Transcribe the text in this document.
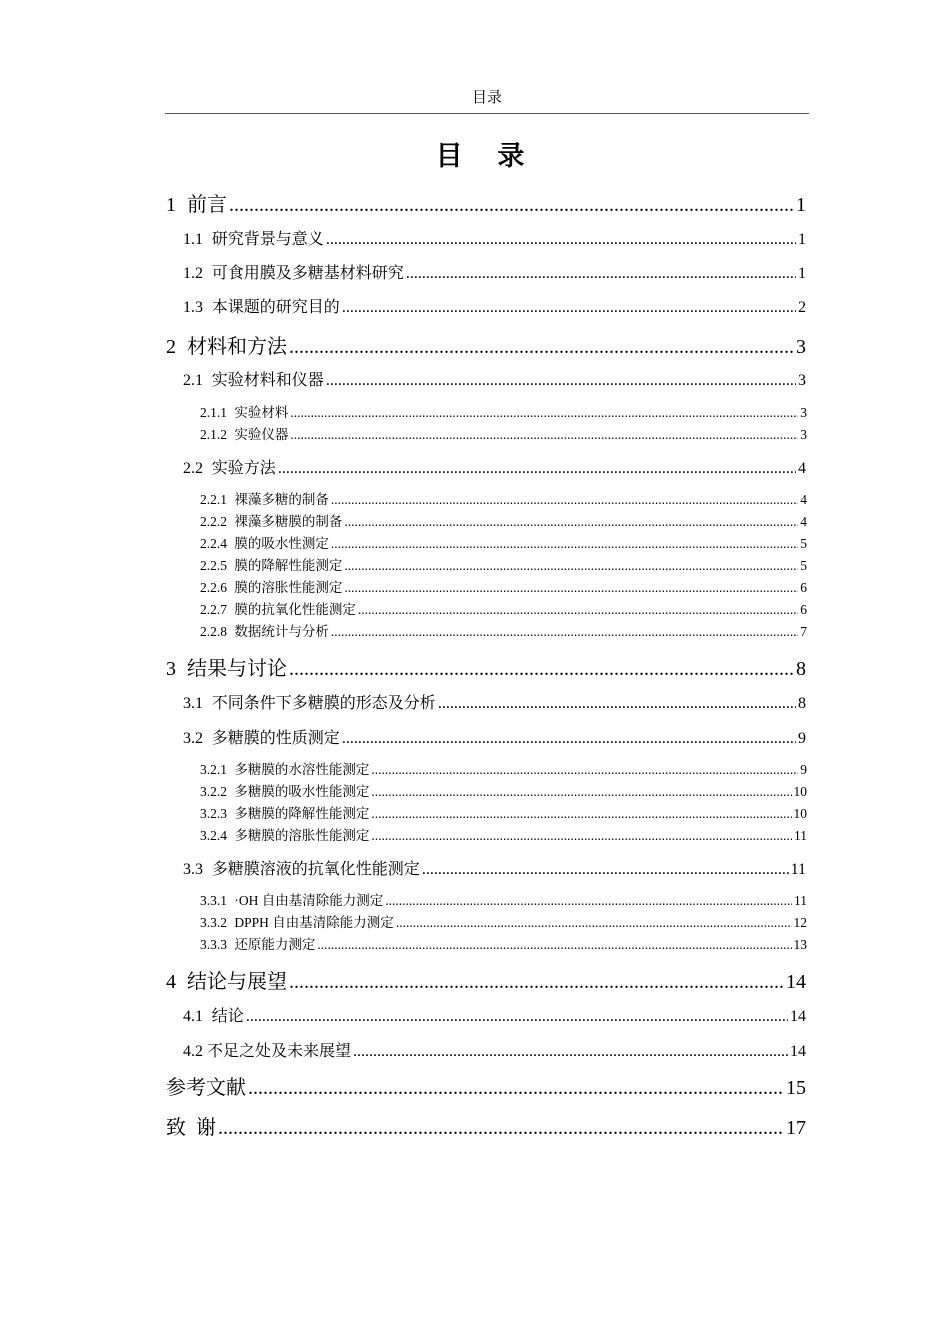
目录
目 录
1 前言 .....	1
1.1 研究背景与意义 .....	1
1.2 可食用膜及多糖基材料研究 .....	1
1.3 本课题的研究目的 .....	2
2 材料和方法 .....	3
2.1 实验材料和仪器 .....	3
2.1.1 实验材料 .....	3
2.1.2 实验仪器 .....	3
2.2 实验方法 .....	4
2.2.1 裸藻多糖的制备 .....	4
2.2.2 裸藻多糖膜的制备 .....	4
2.2.4 膜的吸水性测定 .....	5
2.2.5 膜的降解性能测定 .....	5
2.2.6 膜的溶胀性能测定 .....	6
2.2.7 膜的抗氧化性能测定 .....	6
2.2.8 数据统计与分析 .....	7
3 结果与讨论 .....	8
3.1 不同条件下多糖膜的形态及分析 .....	8
3.2 多糖膜的性质测定 .....	9
3.2.1 多糖膜的水溶性能测定 .....	9
3.2.2 多糖膜的吸水性能测定 .....	10
3.2.3 多糖膜的降解性能测定 .....	10
3.2.4 多糖膜的溶胀性能测定 .....	11
3.3 多糖膜溶液的抗氧化性能测定 .....	11
3.3.1 ·OH 自由基清除能力测定 .....	11
3.3.2 DPPH 自由基清除能力测定 .....	12
3.3.3 还原能力测定 .....	13
4 结论与展望 .....	14
4.1 结论 .....	14
4.2 不足之处及未来展望 .....	14
参考文献 .....	15
致  谢 .....	17
